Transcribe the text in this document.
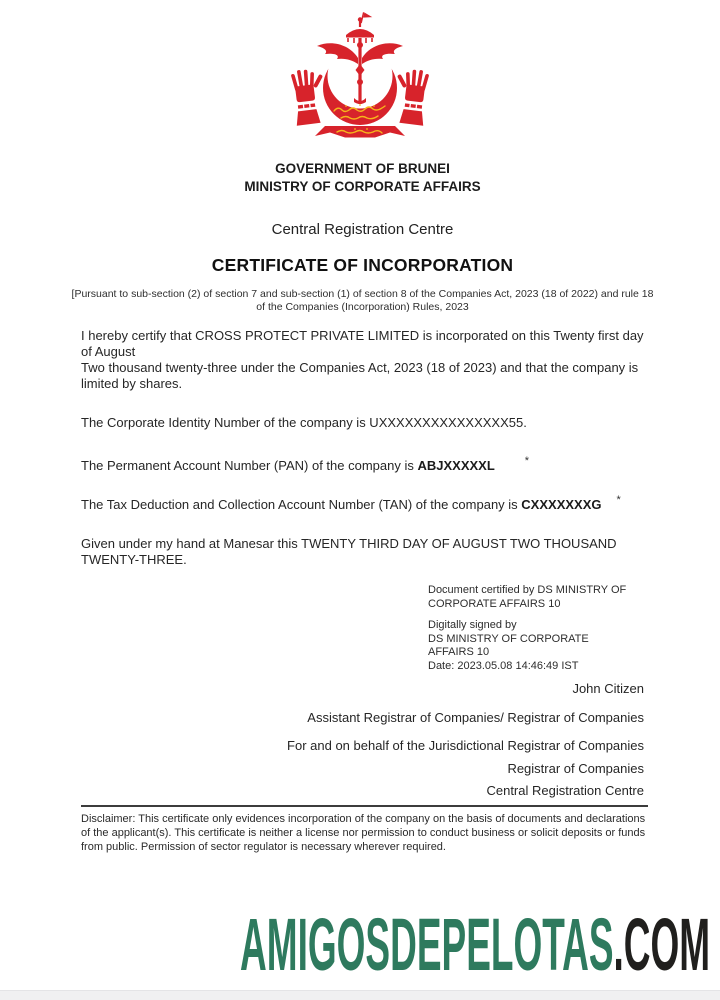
GOVERNMENT OF BRUNEI
MINISTRY OF CORPORATE AFFAIRS
Central Registration Centre
CERTIFICATE OF INCORPORATION
[Pursuant to sub-section (2) of section 7 and sub-section (1) of section 8 of the Companies Act, 2023 (18 of 2022) and rule 18 of the Companies (Incorporation) Rules, 2023

I hereby certify that CROSS PROTECT PRIVATE LIMITED is incorporated on this Twenty first day of August

Two thousand twenty-three under the Companies Act, 2023 (18 of 2023) and that the company is limited by shares.

The Corporate Identity Number of the company is UXXXXXXXXXXXXXXX55.
The Permanent Account Number (PAN) of the company is ABJXXXXXL	*
The Tax Deduction and Collection Account Number (TAN) of the company is CXXXXXXXG *
Given under my hand at Manesar this TWENTY THIRD DAY OF AUGUST TWO THOUSAND TWENTY-THREE.
Document certified by DS MINISTRY OF CORPORATE AFFAIRS 10
Digitally signed by
DS MINISTRY OF CORPORATE
AFFAIRS 10
Date: 2023.05.08 14:46:49 IST
John Citizen
Assistant Registrar of Companies/ Registrar of Companies
For and on behalf of the Jurisdictional Registrar of Companies
Registrar of Companies
Central Registration Centre
Disclaimer: This certificate only evidences incorporation of the company on the basis of documents and declarations of the applicant(s). This certificate is neither a license nor permission to conduct business or solicit deposits or funds from public. Permission of sector regulator is necessary wherever required.
AMIGOSDEPELOTAS.COM
